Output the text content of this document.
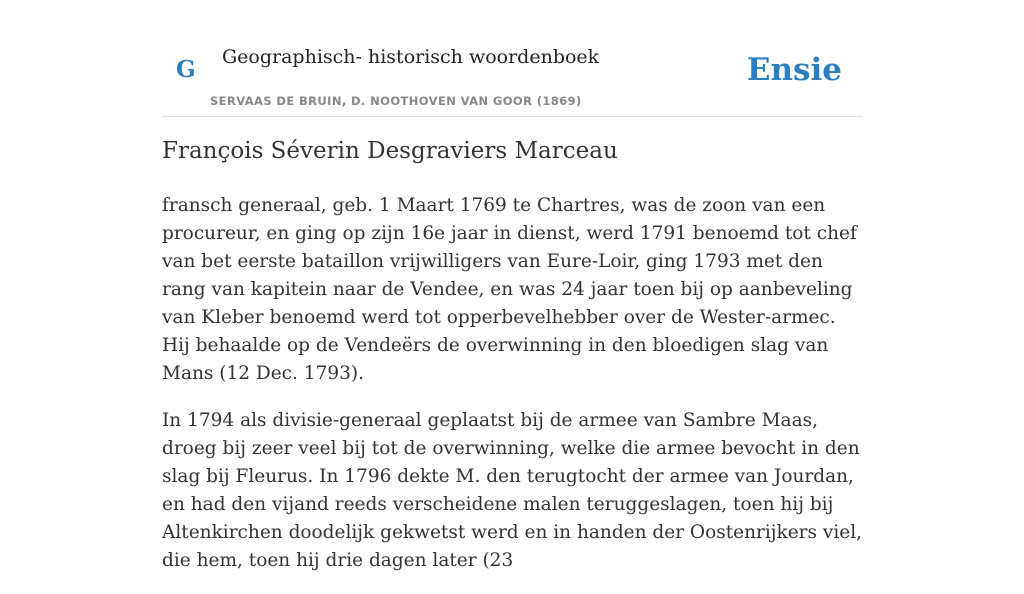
G Geographisch- historisch woordenboek
SERVAAS DE BRUIN, D. NOOTHOVEN VAN GOOR (1869)
Ensie
François Séverin Desgraviers Marceau

fransch generaal, geb. 1 Maart 1769 te Chartres, was de zoon van een procureur, en ging op zijn 16e jaar in dienst, werd 1791 benoemd tot chef van bet eerste bataillon vrijwilligers van Eure-Loir, ging 1793 met den rang van kapitein naar de Vendee, en was 24 jaar toen bij op aanbeveling van Kleber benoemd werd tot opperbevelhebber over de Wester-armec. Hij behaalde op de Vendeërs de overwinning in den bloedigen slag van Mans (12 Dec. 1793).

In 1794 als divisie-generaal geplaatst bij de armee van Sambre Maas, droeg bij zeer veel bij tot de overwinning, welke die armee bevocht in den slag bij Fleurus. In 1796 dekte M. den terugtocht der armee van Jourdan, en had den vijand reeds verscheidene malen teruggeslagen, toen hij bij Altenkirchen doodelijk gekwetst werd en in handen der Oostenrijkers viel, die hem, toen hij drie dagen later (23
